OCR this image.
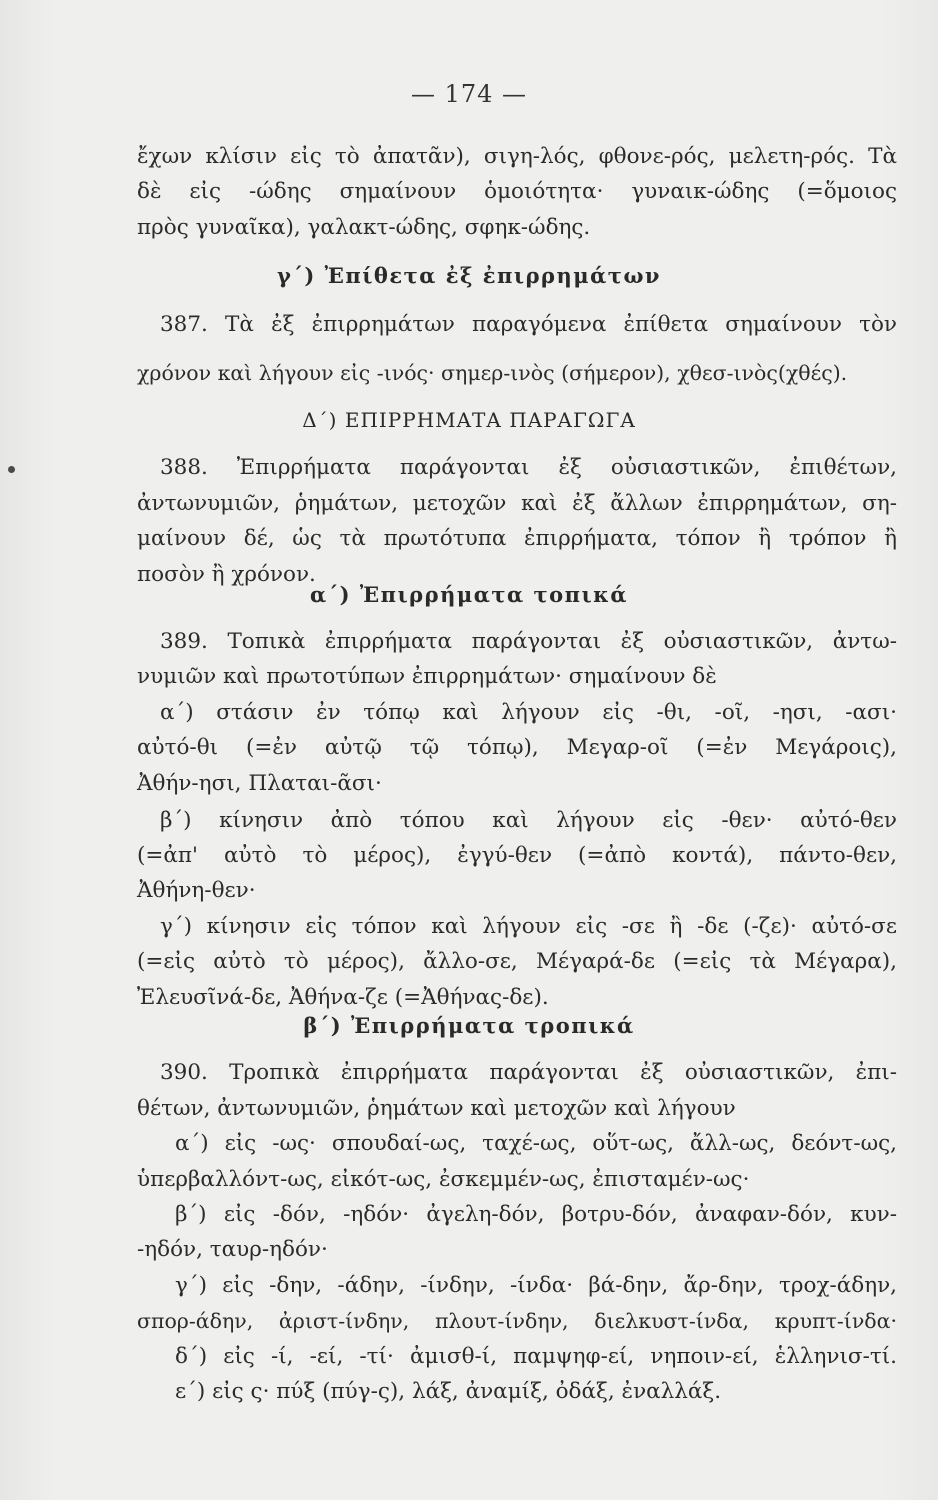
— 174 —
ἔχων κλίσιν εἰς τὸ ἀπατᾶν), σιγη-λός, φθονε-ρός, μελετη-ρός. Τὰ
δὲ εἰς -ώδης σημαίνουν ὁμοιότητα· γυναικ-ώδης (=ὅμοιος
πρὸς γυναῖκα), γαλακτ-ώδης, σφηκ-ώδης.
γ΄) Ἐπίθετα ἐξ ἐπιρρημάτων
387. Τὰ ἐξ ἐπιρρημάτων παραγόμενα ἐπίθετα σημαίνουν τὸν
χρόνον καὶ λήγουν εἰς -ινός· σημερ-ινὸς (σήμερον), χθεσ-ινὸς(χθές).
Δ΄) ΕΠΙΡΡΗΜΑΤΑ ΠΑΡΑΓΩΓΑ
388. Ἐπιρρήματα παράγονται ἐξ οὐσιαστικῶν, ἐπιθέτων,
ἀντωνυμιῶν, ῥημάτων, μετοχῶν καὶ ἐξ ἄλλων ἐπιρρημάτων, ση-
μαίνουν δέ, ὡς τὰ πρωτότυπα ἐπιρρήματα, τόπον ἢ τρόπον ἢ
ποσὸν ἢ χρόνον.
α΄) Ἐπιρρήματα τοπικά
389. Τοπικὰ ἐπιρρήματα παράγονται ἐξ οὐσιαστικῶν, ἀντω-
νυμιῶν καὶ πρωτοτύπων ἐπιρρημάτων· σημαίνουν δὲ
α΄) στάσιν ἐν τόπῳ καὶ λήγουν εἰς -θι, -οῖ, -ησι, -ασι·
αὐτό-θι (=ἐν αὐτῷ τῷ τόπῳ), Μεγαρ-οῖ (=ἐν Μεγάροις),
Ἀθήν-ησι, Πλαται-ᾶσι·
β΄) κίνησιν ἀπὸ τόπου καὶ λήγουν εἰς -θεν· αὐτό-θεν
(=ἀπ' αὐτὸ τὸ μέρος), ἐγγύ-θεν (=ἀπὸ κοντά), πάντο-θεν,
Ἀθήνη-θεν·
γ΄) κίνησιν εἰς τόπον καὶ λήγουν εἰς -σε ἢ -δε (-ζε)· αὐτό-σε
(=εἰς αὐτὸ τὸ μέρος), ἄλλο-σε, Μέγαρά-δε (=εἰς τὰ Μέγαρα),
Ἐλευσῖνά-δε, Ἀθήνα-ζε (=Ἀθήνας-δε).
β΄) Ἐπιρρήματα τροπικά
390. Τροπικὰ ἐπιρρήματα παράγονται ἐξ οὐσιαστικῶν, ἐπι-
θέτων, ἀντωνυμιῶν, ῥημάτων καὶ μετοχῶν καὶ λήγουν
α΄) εἰς -ως· σπουδαί-ως, ταχέ-ως, οὕτ-ως, ἄλλ-ως, δεόντ-ως,
ὑπερβαλλόντ-ως, εἰκότ-ως, ἐσκεμμέν-ως, ἐπισταμέν-ως·
β΄) εἰς -δόν, -ηδόν· ἀγελη-δόν, βοτρυ-δόν, ἀναφαν-δόν, κυν-
-ηδόν, ταυρ-ηδόν·
γ΄) εἰς -δην, -άδην, -ίνδην, -ίνδα· βά-δην, ἄρ-δην, τροχ-άδην,
σπορ-άδην, ἀριστ-ίνδην, πλουτ-ίνδην, διελκυστ-ίνδα, κρυπτ-ίνδα·
δ΄) εἰς -ί, -εί, -τί· ἀμισθ-ί, παμψηφ-εί, νηποιν-εί, ἑλληνισ-τί.
ε΄) εἰς ς· πύξ (πύγ-ς), λάξ, ἀναμίξ, ὀδάξ, ἐναλλάξ.
